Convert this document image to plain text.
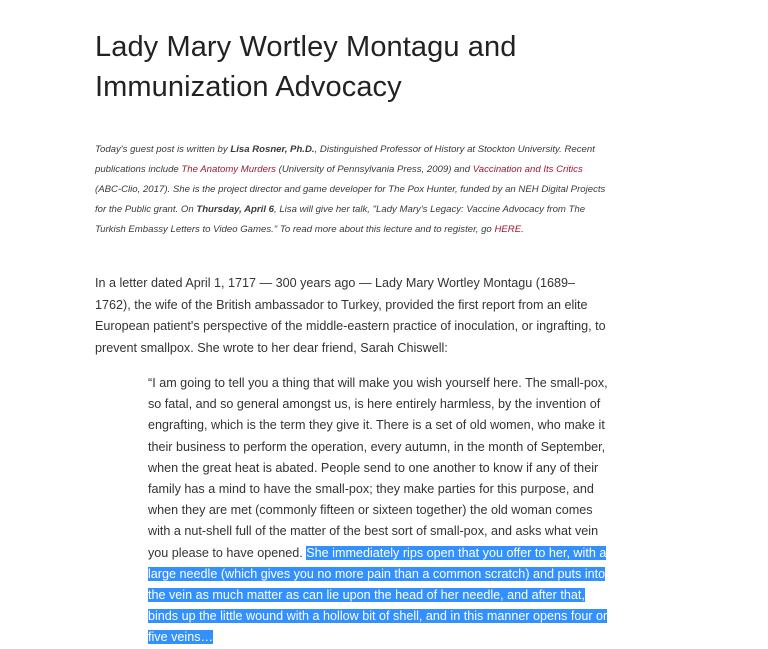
Lady Mary Wortley Montagu and
Immunization Advocacy
Today's guest post is written by Lisa Rosner, Ph.D., Distinguished Professor of History at Stockton University. Recent publications include The Anatomy Murders (University of Pennsylvania Press, 2009) and Vaccination and Its Critics (ABC-Clio, 2017). She is the project director and game developer for The Pox Hunter, funded by an NEH Digital Projects for the Public grant. On Thursday, April 6, Lisa will give her talk, "Lady Mary's Legacy: Vaccine Advocacy from The Turkish Embassy Letters to Video Games." To read more about this lecture and to register, go HERE.

In a letter dated April 1, 1717 — 300 years ago — Lady Mary Wortley Montagu (1689–1762), the wife of the British ambassador to Turkey, provided the first report from an elite European patient's perspective of the middle-eastern practice of inoculation, or ingrafting, to prevent smallpox. She wrote to her dear friend, Sarah Chiswell:

“I am going to tell you a thing that will make you wish yourself here. The small-pox, so fatal, and so general amongst us, is here entirely harmless, by the invention of engrafting, which is the term they give it. There is a set of old women, who make it their business to perform the operation, every autumn, in the month of September, when the great heat is abated. People send to one another to know if any of their family has a mind to have the small-pox; they make parties for this purpose, and when they are met (commonly fifteen or sixteen together) the old woman comes with a nut-shell full of the matter of the best sort of small-pox, and asks what vein you please to have opened. She immediately rips open that you offer to her, with a large needle (which gives you no more pain than a common scratch) and puts into the vein as much matter as can lie upon the head of her needle, and after that, binds up the little wound with a hollow bit of shell, and in this manner opens four or five veins…
